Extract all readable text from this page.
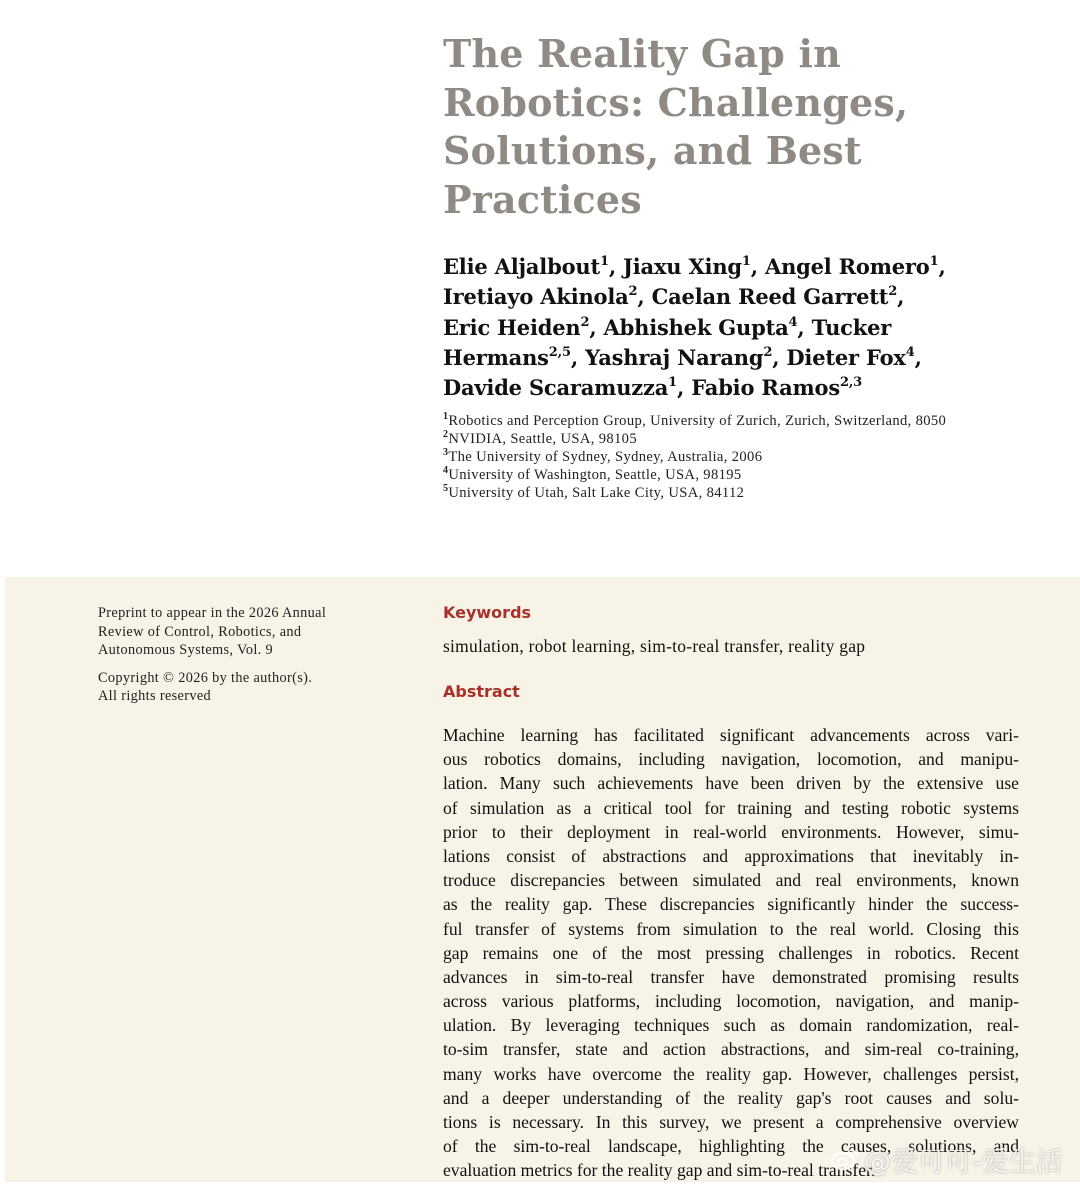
The Reality Gap in
Robotics: Challenges,
Solutions, and Best
Practices
Elie Aljalbout$^1$, Jiaxu Xing$^1$, Angel Romero$^1$,
Iretiayo Akinola$^2$, Caelan Reed Garrett$^2$,
Eric Heiden$^2$, Abhishek Gupta$^4$, Tucker
Hermans$^{2,5}$, Yashraj Narang$^2$, Dieter Fox$^4$,
Davide Scaramuzza$^1$, Fabio Ramos$^{2,3}$
$^1$Robotics and Perception Group, University of Zurich, Zurich, Switzerland, 8050
$^2$NVIDIA, Seattle, USA, 98105
$^3$The University of Sydney, Sydney, Australia, 2006
$^4$University of Washington, Seattle, USA, 98195
$^5$University of Utah, Salt Lake City, USA, 84112

Preprint to appear in the 2026 Annual
Review of Control, Robotics, and
Autonomous Systems, Vol. 9

Copyright © 2026 by the author(s).
All rights reserved

Keywords
simulation, robot learning, sim-to-real transfer, reality gap
Abstract
Machine learning has facilitated significant advancements across vari-
ous robotics domains, including navigation, locomotion, and manipu-
lation. Many such achievements have been driven by the extensive use
of simulation as a critical tool for training and testing robotic systems
prior to their deployment in real-world environments. However, simu-
lations consist of abstractions and approximations that inevitably in-
troduce discrepancies between simulated and real environments, known
as the reality gap. These discrepancies significantly hinder the success-
ful transfer of systems from simulation to the real world. Closing this
gap remains one of the most pressing challenges in robotics. Recent
advances in sim-to-real transfer have demonstrated promising results
across various platforms, including locomotion, navigation, and manip-
ulation. By leveraging techniques such as domain randomization, real-
to-sim transfer, state and action abstractions, and sim-real co-training,
many works have overcome the reality gap. However, challenges persist,
and a deeper understanding of the reality gap's root causes and solu-
tions is necessary. In this survey, we present a comprehensive overview
of the sim-to-real landscape, highlighting the causes, solutions, and
evaluation metrics for the reality gap and sim-to-real transfer.
@爱可可-爱生活
